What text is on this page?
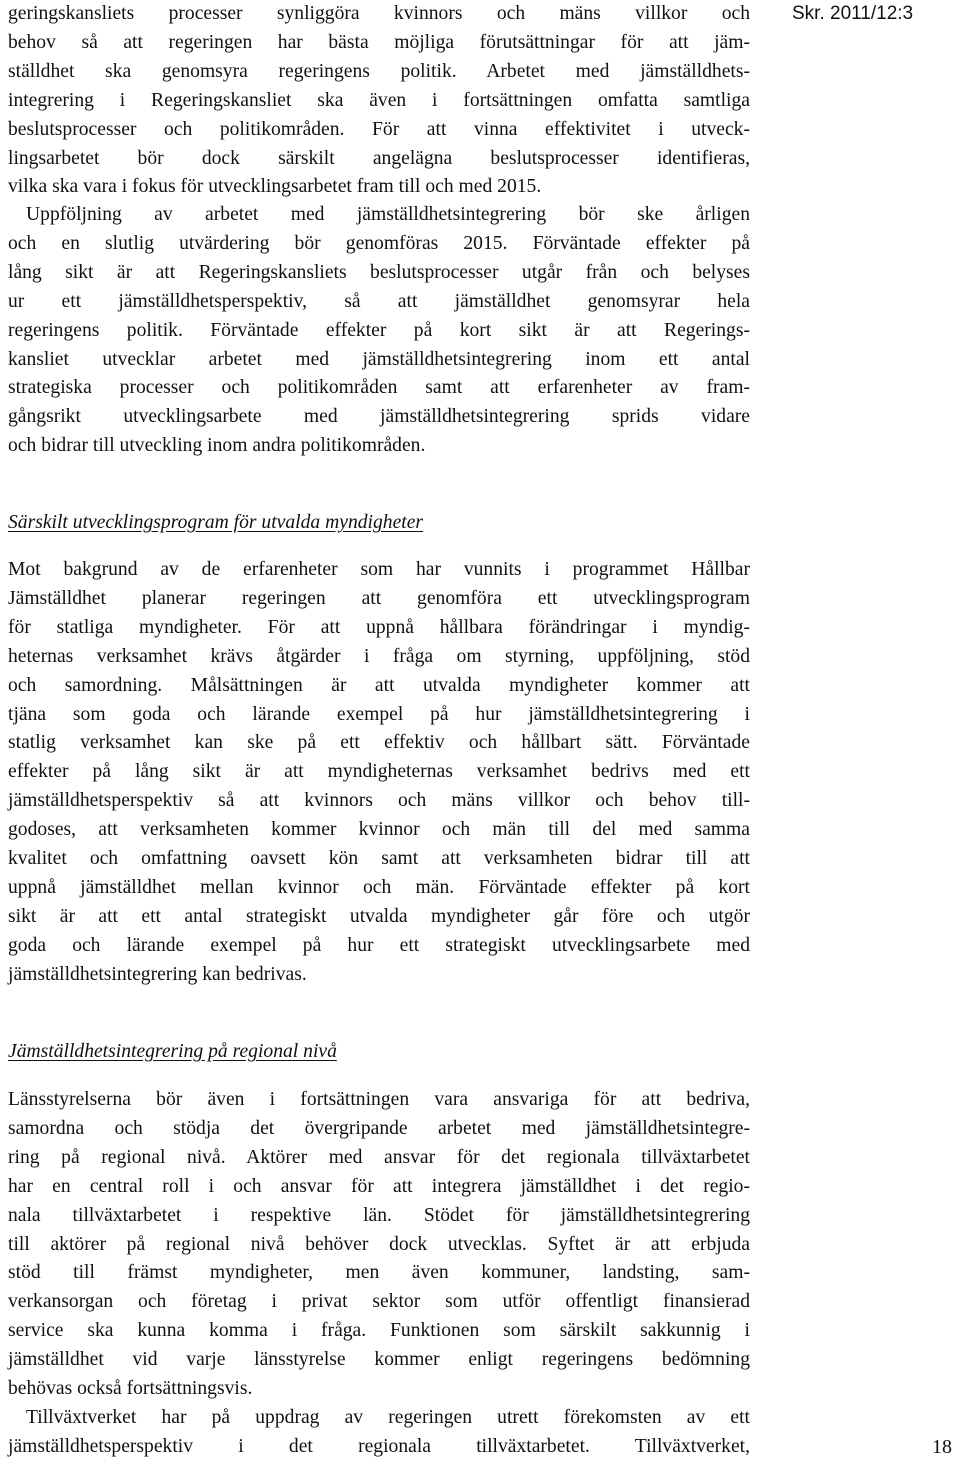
Skr. 2011/12:3

geringskansliets processer synliggöra kvinnors och mäns villkor och
behov så att regeringen har bästa möjliga förutsättningar för att jäm-
ställdhet ska genomsyra regeringens politik. Arbetet med jämställdhets-
integrering i Regeringskansliet ska även i fortsättningen omfatta samtliga
beslutsprocesser och politikområden. För att vinna effektivitet i utveck-
lingsarbetet bör dock särskilt angelägna beslutsprocesser identifieras,
vilka ska vara i fokus för utvecklingsarbetet fram till och med 2015.

Uppföljning av arbetet med jämställdhetsintegrering bör ske årligen
och en slutlig utvärdering bör genomföras 2015. Förväntade effekter på
lång sikt är att Regeringskansliets beslutsprocesser utgår från och belyses
ur ett jämställdhetsperspektiv, så att jämställdhet genomsyrar hela
regeringens politik. Förväntade effekter på kort sikt är att Regerings-
kansliet utvecklar arbetet med jämställdhetsintegrering inom ett antal
strategiska processer och politikområden samt att erfarenheter av fram-
gångsrikt utvecklingsarbete med jämställdhetsintegrering sprids vidare
och bidrar till utveckling inom andra politikområden.

Särskilt utvecklingsprogram för utvalda myndigheter

Mot bakgrund av de erfarenheter som har vunnits i programmet Hållbar
Jämställdhet planerar regeringen att genomföra ett utvecklingsprogram
för statliga myndigheter. För att uppnå hållbara förändringar i myndig-
heternas verksamhet krävs åtgärder i fråga om styrning, uppföljning, stöd
och samordning. Målsättningen är att utvalda myndigheter kommer att
tjäna som goda och lärande exempel på hur jämställdhetsintegrering i
statlig verksamhet kan ske på ett effektiv och hållbart sätt. Förväntade
effekter på lång sikt är att myndigheternas verksamhet bedrivs med ett
jämställdhetsperspektiv så att kvinnors och mäns villkor och behov till-
godoses, att verksamheten kommer kvinnor och män till del med samma
kvalitet och omfattning oavsett kön samt att verksamheten bidrar till att
uppnå jämställdhet mellan kvinnor och män. Förväntade effekter på kort
sikt är att ett antal strategiskt utvalda myndigheter går före och utgör
goda och lärande exempel på hur ett strategiskt utvecklingsarbete med
jämställdhetsintegrering kan bedrivas.

Jämställdhetsintegrering på regional nivå

Länsstyrelserna bör även i fortsättningen vara ansvariga för att bedriva,
samordna och stödja det övergripande arbetet med jämställdhetsintegre-
ring på regional nivå. Aktörer med ansvar för det regionala tillväxtarbetet
har en central roll i och ansvar för att integrera jämställdhet i det regio-
nala tillväxtarbetet i respektive län. Stödet för jämställdhetsintegrering
till aktörer på regional nivå behöver dock utvecklas. Syftet är att erbjuda
stöd till främst myndigheter, men även kommuner, landsting, sam-
verkansorgan och företag i privat sektor som utför offentligt finansierad
service ska kunna komma i fråga. Funktionen som särskilt sakkunnig i
jämställdhet vid varje länsstyrelse kommer enligt regeringens bedömning
behövas också fortsättningsvis.

Tillväxtverket har på uppdrag av regeringen utrett förekomsten av ett
jämställdhetsperspektiv i det regionala tillväxtarbetet. Tillväxtverket,	18
